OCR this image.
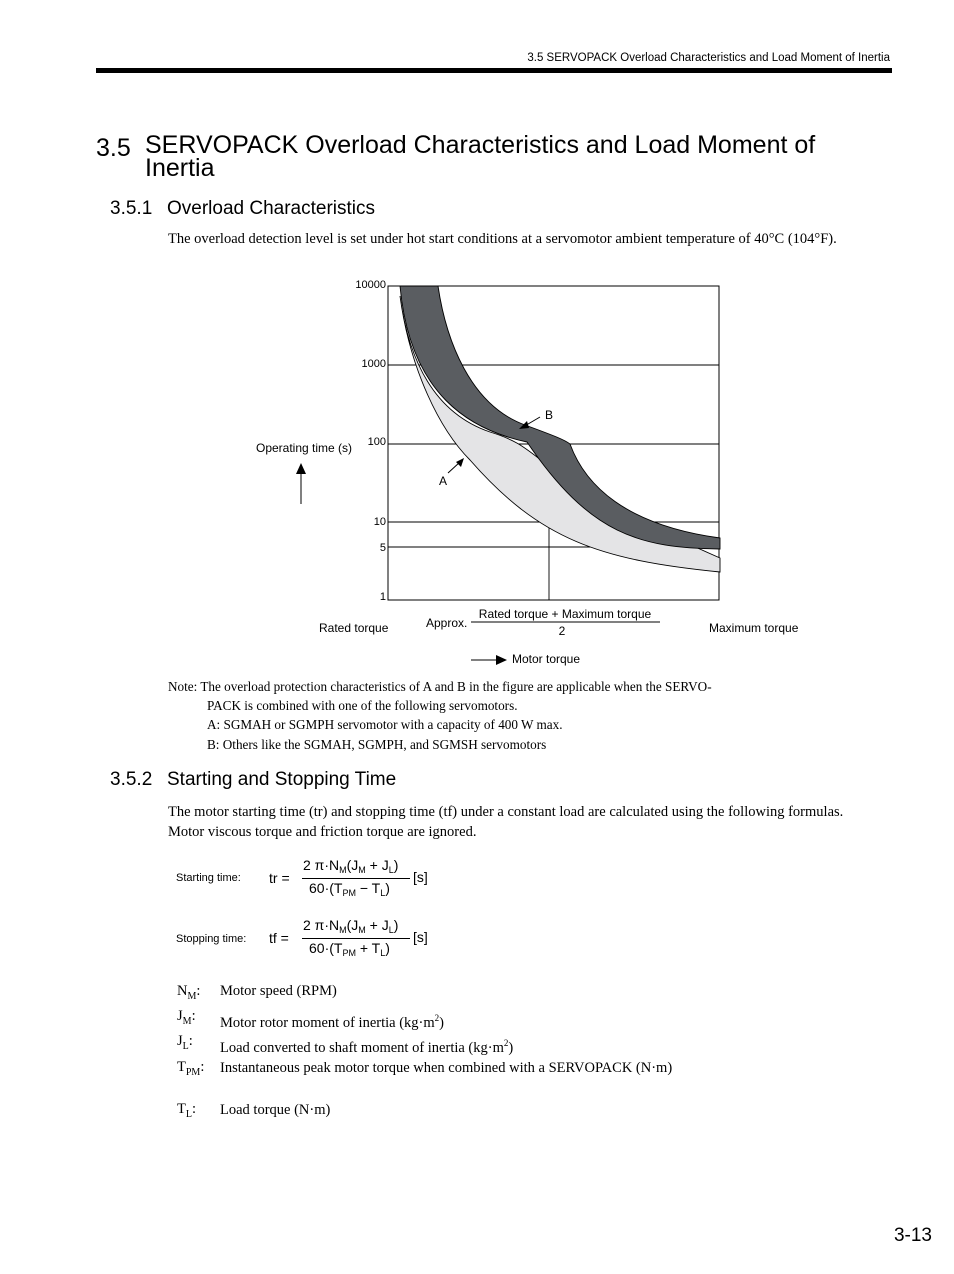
3.5 SERVOPACK Overload Characteristics and Load Moment of Inertia
3.5 SERVOPACK Overload Characteristics and Load Moment of Inertia
3.5.1 Overload Characteristics
The overload detection level is set under hot start conditions at a servomotor ambient temperature of 40°C (104°F).
10000
1000
100
10
5
1
Operating time (s)
B
A
Rated torque	Approx.
Rated torque + Maximum torque
2	Maximum torque
Motor torque
Note: The overload protection characteristics of A and B in the figure are applicable when the SERVO-
PACK is combined with one of the following servomotors.
A: SGMAH or SGMPH servomotor with a capacity of 400 W max.
B: Others like the SGMAH, SGMPH, and SGMSH servomotors
3.5.2 Starting and Stopping Time
The motor starting time (tr) and stopping time (tf) under a constant load are calculated using the following formulas. Motor viscous torque and friction torque are ignored.
Starting time: tr =
2 $\pi\cdot N_M(J_M + J_L)$
$60\cdot(T_{PM} - T_L)$
[s]
Stopping time: tf =
2 $\pi\cdot N_M(J_M + J_L)$
$60\cdot(T_{PM} + T_L)$
[s]
$N_M$: Motor speed (RPM)
$J_M$: Motor rotor moment of inertia $(kg\cdot m^2)$
$J_L$: Load converted to shaft moment of inertia $(kg\cdot m^2)$
$T_{PM}$: Instantaneous peak motor torque when combined with a SERVOPACK (N·m)
$T_L$: Load torque (N·m)
3-13
